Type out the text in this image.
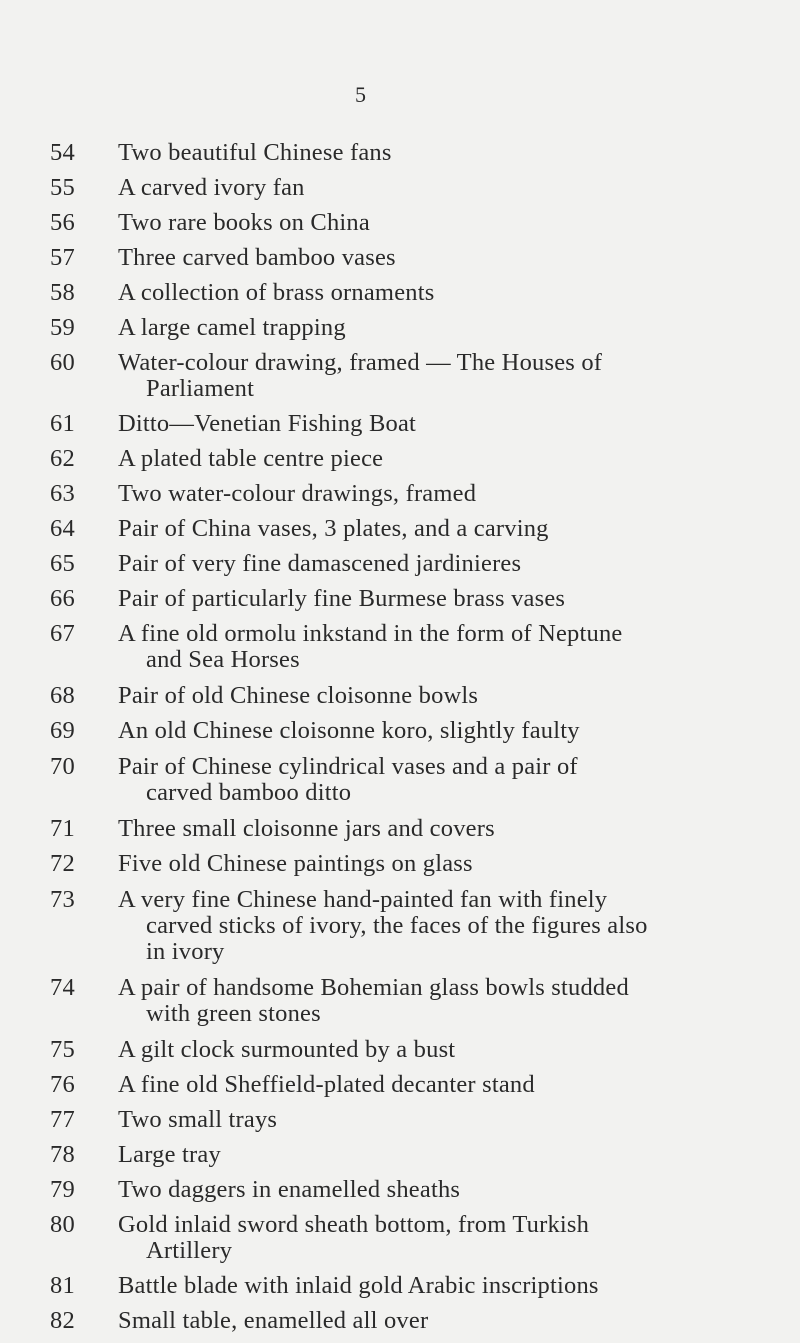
5
54	Two beautiful Chinese fans
55	A carved ivory fan
56	Two rare books on China
57	Three carved bamboo vases
58	A collection of brass ornaments
59	A large camel trapping
60	Water-colour drawing, framed — The Houses of
Parliament
61	Ditto—Venetian Fishing Boat
62	A plated table centre piece
63	Two water-colour drawings, framed
64	Pair of China vases, 3 plates, and a carving
65	Pair of very fine damascened jardinieres
66	Pair of particularly fine Burmese brass vases
67	A fine old ormolu inkstand in the form of Neptune
and Sea Horses
68	Pair of old Chinese cloisonne bowls
69	An old Chinese cloisonne koro, slightly faulty
70	Pair of Chinese cylindrical vases and a pair of
carved bamboo ditto
71	Three small cloisonne jars and covers
72	Five old Chinese paintings on glass
73	A very fine Chinese hand-painted fan with finely
carved sticks of ivory, the faces of the figures also
in ivory
74	A pair of handsome Bohemian glass bowls studded
with green stones
75	A gilt clock surmounted by a bust
76	A fine old Sheffield-plated decanter stand
77	Two small trays
78	Large tray
79	Two daggers in enamelled sheaths
80	Gold inlaid sword sheath bottom, from Turkish
Artillery
81	Battle blade with inlaid gold Arabic inscriptions
82	Small table, enamelled all over
